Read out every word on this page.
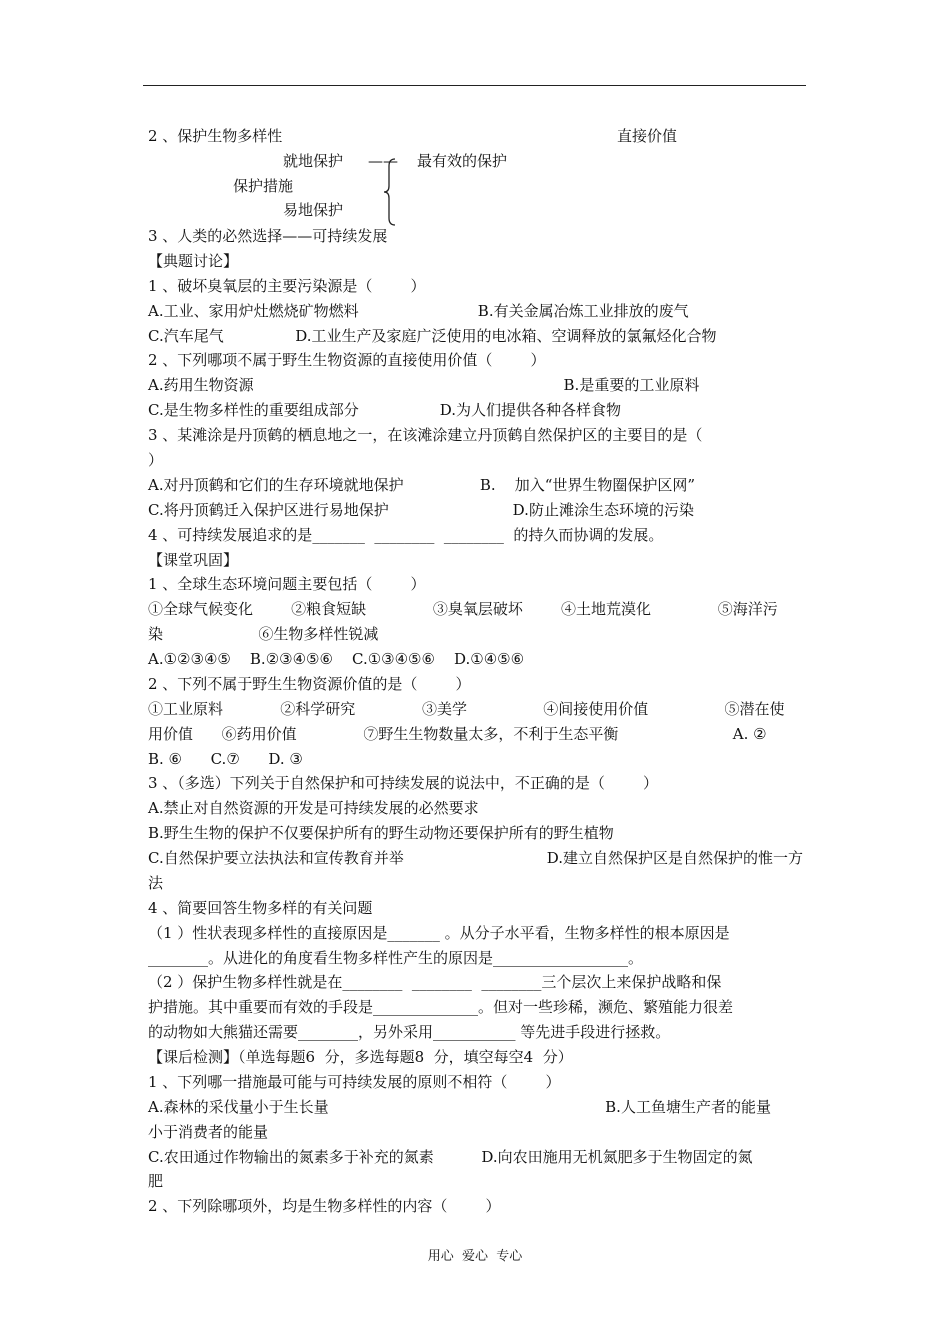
2 、保护生物多样性	直接价值
就地保护 —— 最有效的保护
保护措施
易地保护
3 、人类的必然选择——可持续发展
【典题讨论】
1 、破坏臭氧层的主要污染源是（        ）
A.工业、家用炉灶燃烧矿物燃料                         B.有关金属冶炼工业排放的废气
C.汽车尾气               D.工业生产及家庭广泛使用的电冰箱、空调释放的氯氟烃化合物
2 、下列哪项不属于野生生物资源的直接使用价值（        ）
A.药用生物资源                                                                 B.是重要的工业原料
C.是生物多样性的重要组成部分                 D.为人们提供各种各样食物
3 、某滩涂是丹顶鹤的栖息地之一，在该滩涂建立丹顶鹤自然保护区的主要目的是（
）
A.对丹顶鹤和它们的生存环境就地保护                B.    加入“世界生物圈保护区网”
C.将丹顶鹤迁入保护区进行易地保护                          D.防止滩涂生态环境的污染
4 、可持续发展追求的是_______  ________  ________  的持久而协调的发展。
【课堂巩固】
1 、全球生态环境问题主要包括（        ）
①全球气候变化        ②粮食短缺              ③臭氧层破坏        ④土地荒漠化              ⑤海洋污
染                    ⑥生物多样性锐减
A.①②③④⑤    B.②③④⑤⑥    C.①③④⑤⑥    D.①④⑤⑥
2 、下列不属于野生生物资源价值的是（        ）
①工业原料            ②科学研究              ③美学                ④间接使用价值                ⑤潜在使
用价值      ⑥药用价值              ⑦野生生物数量太多，不利于生态平衡                        A. ②
B. ⑥      C.⑦      D. ③
3 、（多选）下列关于自然保护和可持续发展的说法中，不正确的是（        ）
A.禁止对自然资源的开发是可持续发展的必然要求
B.野生生物的保护不仅要保护所有的野生动物还要保护所有的野生植物
C.自然保护要立法执法和宣传教育并举                              D.建立自然保护区是自然保护的惟一方
法
4 、简要回答生物多样的有关问题
（1 ）性状表现多样性的直接原因是_______ 。从分子水平看，生物多样性的根本原因是
________。从进化的角度看生物多样性产生的原因是__________________。
（2 ）保护生物多样性就是在________  ________  ________三个层次上来保护战略和保
护措施。其中重要而有效的手段是______________。但对一些珍稀，濒危、繁殖能力很差
的动物如大熊猫还需要________，另外采用___________ 等先进手段进行拯救。
【课后检测】（单选每题6  分，多选每题8  分，填空每空4  分）
1 、下列哪一措施最可能与可持续发展的原则不相符（        ）
A.森林的采伐量小于生长量                                                          B.人工鱼塘生产者的能量
小于消费者的能量
C.农田通过作物输出的氮素多于补充的氮素          D.向农田施用无机氮肥多于生物固定的氮
肥
2 、下列除哪项外，均是生物多样性的内容（        ）
用心  爱心  专心
